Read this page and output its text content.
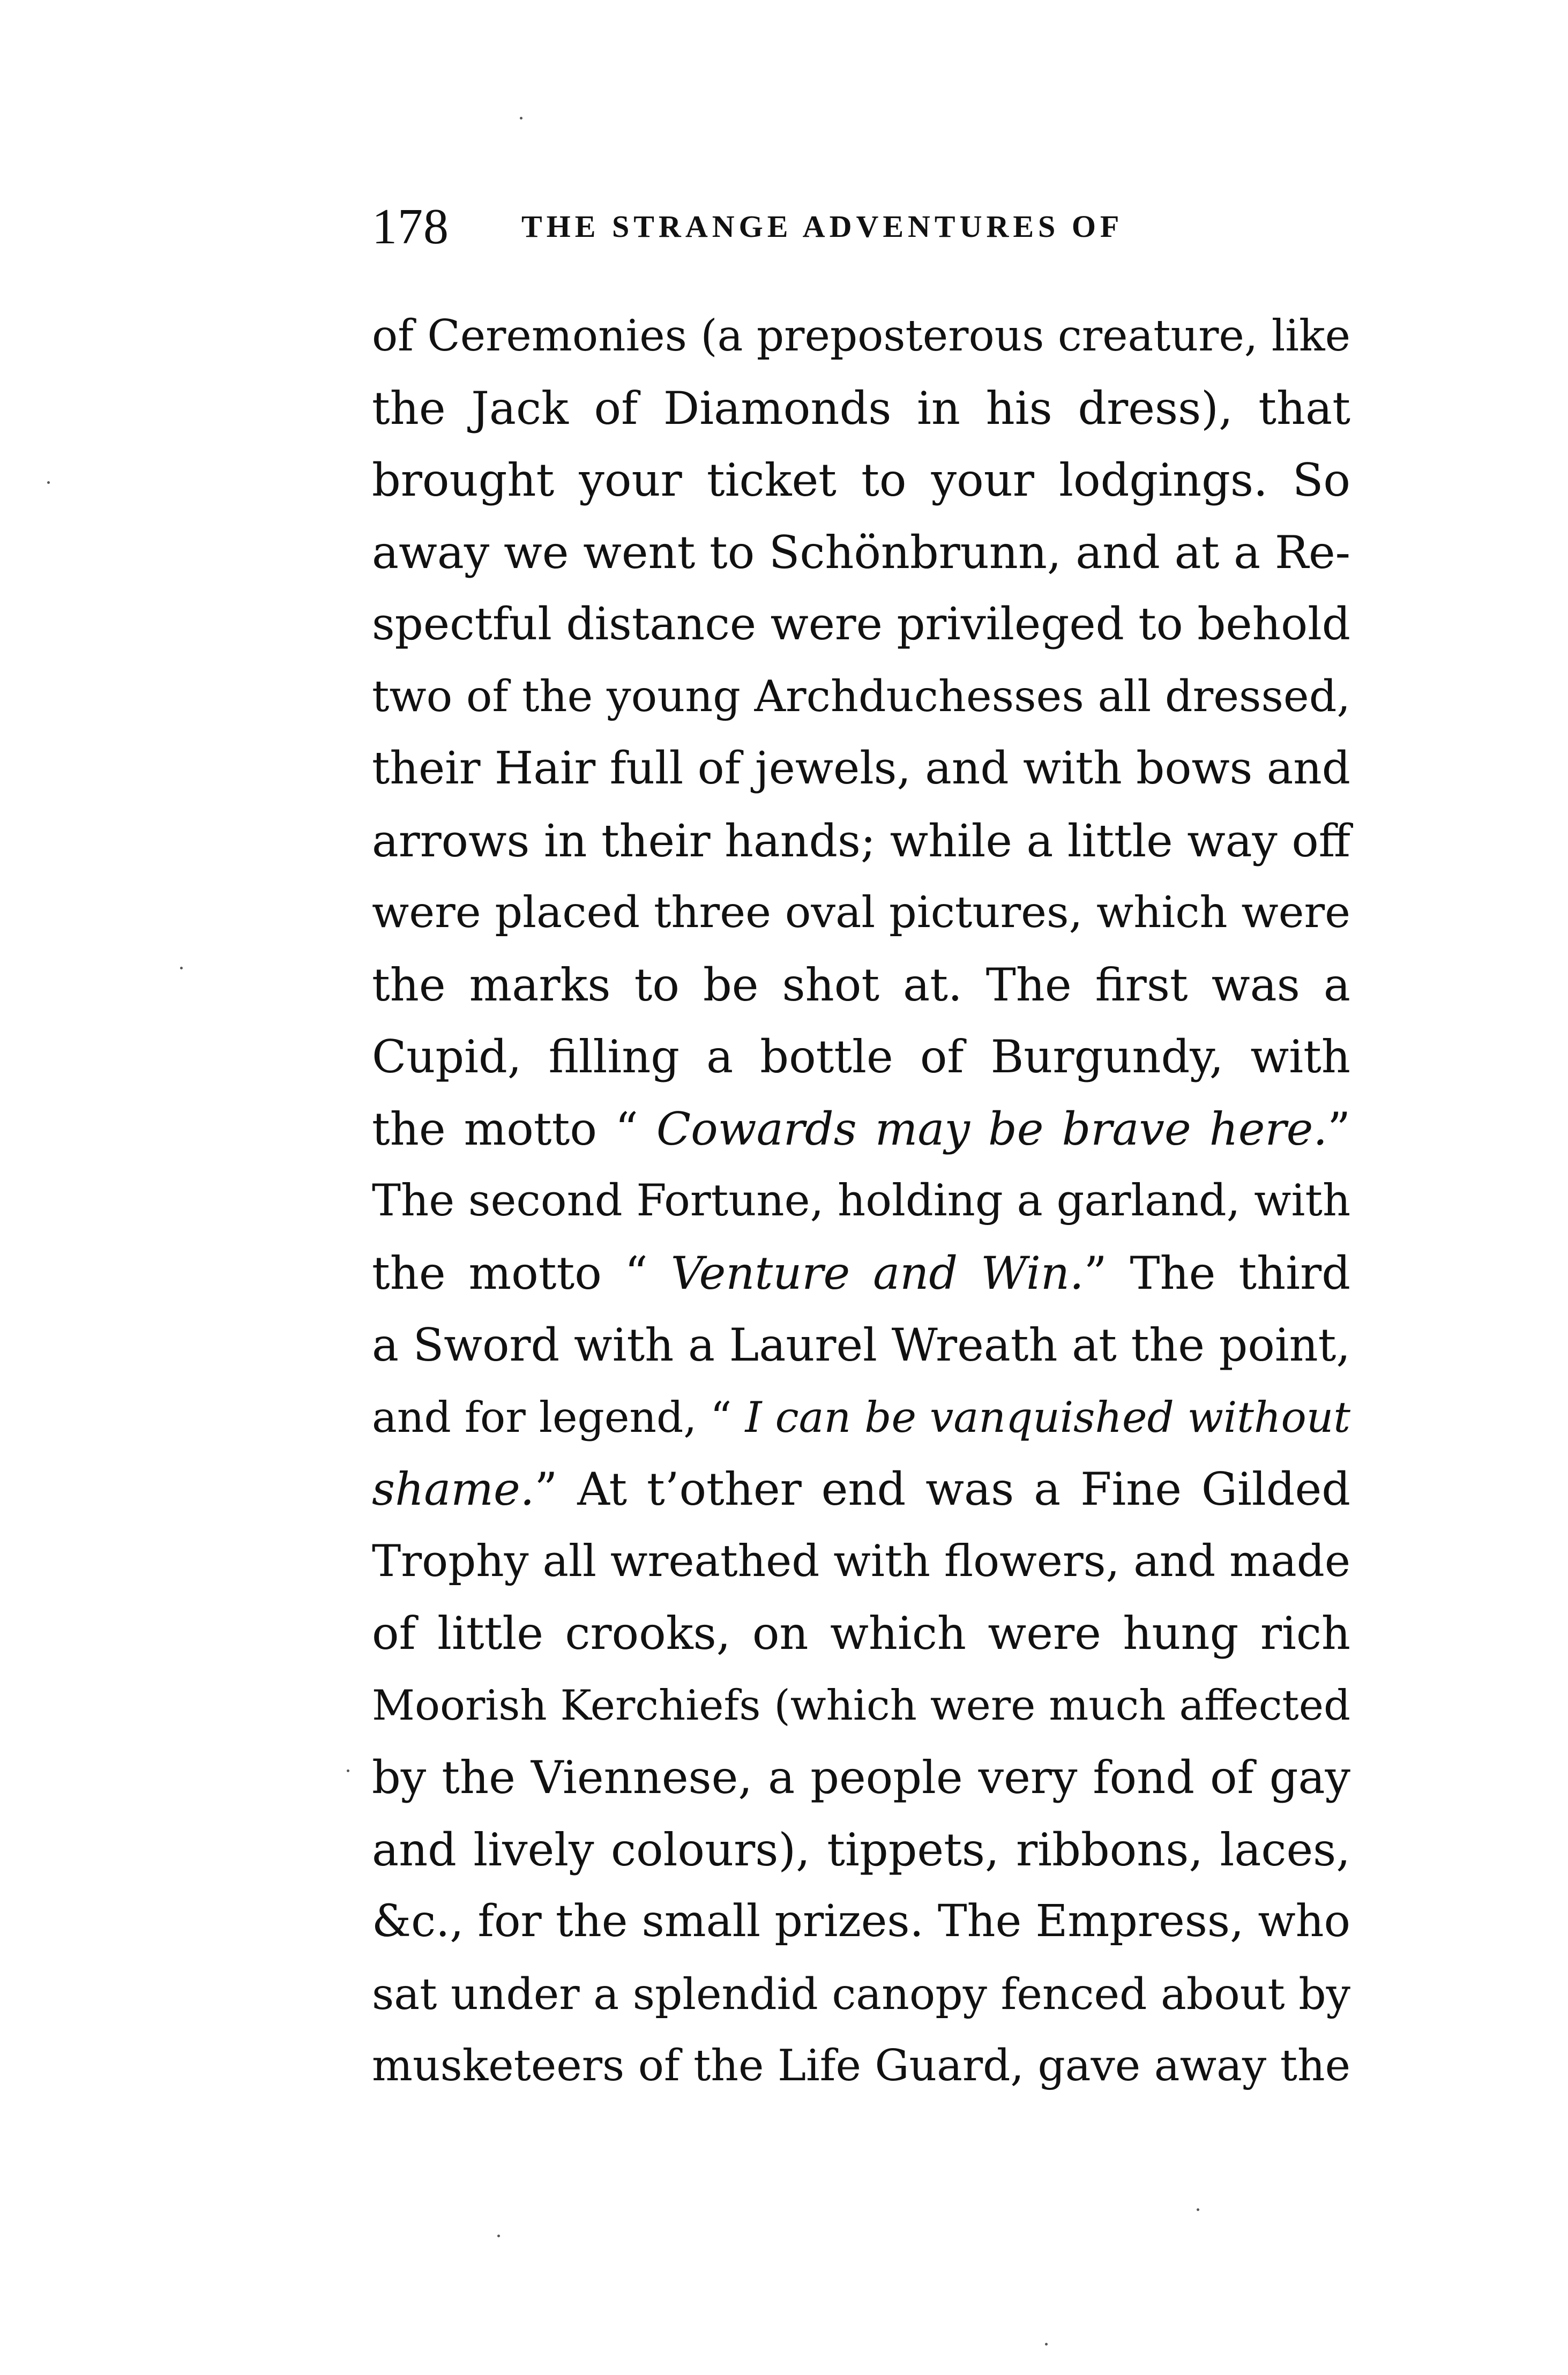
178 THE STRANGE ADVENTURES OF
of Ceremonies (a preposterous creature, like
the Jack of Diamonds in his dress), that
brought your ticket to your lodgings. So
away we went to Schönbrunn, and at a Re-
spectful distance were privileged to behold
two of the young Archduchesses all dressed,
their Hair full of jewels, and with bows and
arrows in their hands; while a little way off
were placed three oval pictures, which were
the marks to be shot at. The first was a
Cupid, filling a bottle of Burgundy, with
the motto “ Cowards may be brave here.”
The second Fortune, holding a garland, with
the motto “ Venture and Win.” The third
a Sword with a Laurel Wreath at the point,
and for legend, “ I can be vanquished without
shame.” At t’other end was a Fine Gilded
Trophy all wreathed with flowers, and made
of little crooks, on which were hung rich
Moorish Kerchiefs (which were much affected
by the Viennese, a people very fond of gay
and lively colours), tippets, ribbons, laces,
&c., for the small prizes. The Empress, who
sat under a splendid canopy fenced about by
musketeers of the Life Guard, gave away the
